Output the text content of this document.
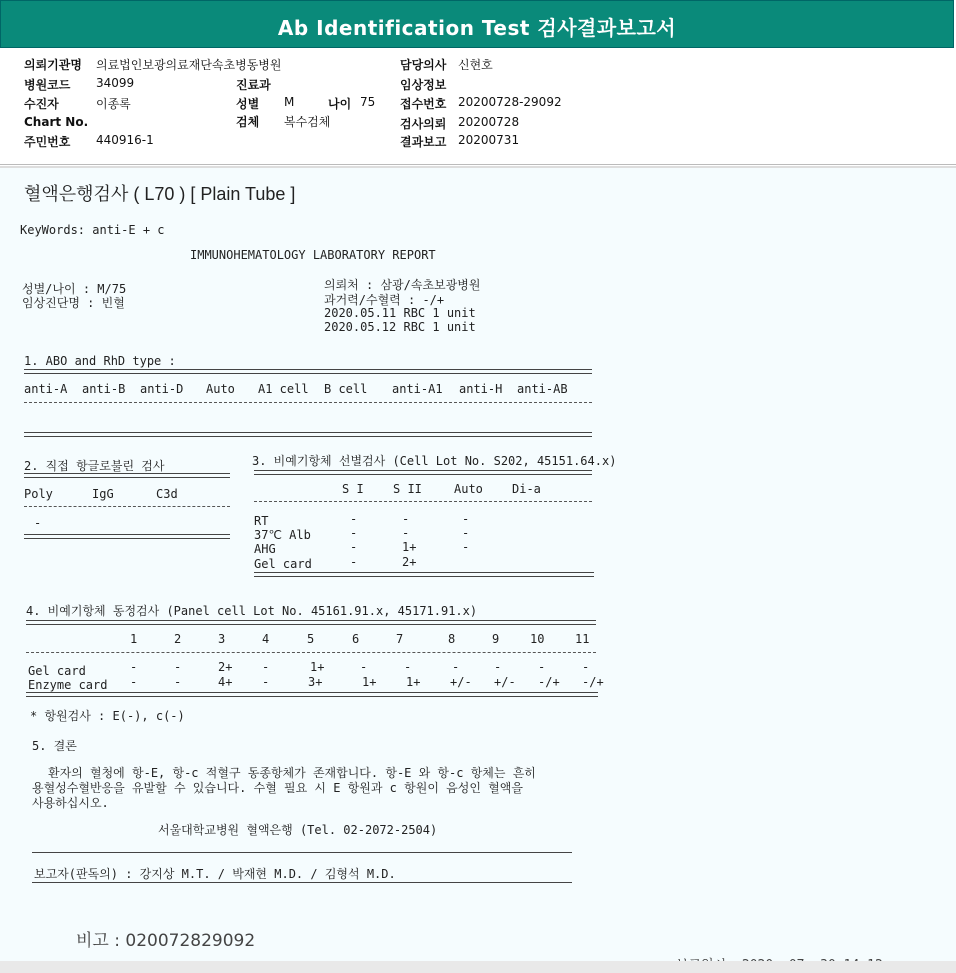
Ab Identification Test 검사결과보고서
의뢰기관명 의료법인보광의료재단속초병동병원
병원코드 34099
수진자	이종록
Chart No.
주민번호 440916-1
진료과
성별 M	나이 75
검체 복수검체
담당의사 신현호
임상정보
접수번호 20200728-29092
검사의뢰 20200728
결과보고 20200731
혈액은행검사 ( L70 ) [ Plain Tube ]
KeyWords: anti-E + c
IMMUNOHEMATOLOGY LABORATORY REPORT
성별/나이 : M/75
임상진단명 : 빈혈
의뢰처 : 삼광/속초보광병원
과거력/수혈력 : -/+
2020.05.11 RBC 1 unit
2020.05.12 RBC 1 unit
1. ABO and RhD type :
anti-A anti-B anti-D Auto A1 cell B cell anti-A1 anti-H anti-AB
2. 직접 항글로불린 검사
Poly	IgG	C3d
-
3. 비예기항체 선별검사 (Cell Lot No. S202, 45151.64.x)
S I S II	Auto Di-a
RT	-	-	-
37℃ Alb	-	-	-
AHG	-	1+	-
Gel card	-	2+
4. 비예기항체 동정검사 (Panel cell Lot No. 45161.91.x, 45171.91.x)
1	2	3	4	5	6	7	8	9	10	11
Gel card	-	-	2+ -	1+	-	-	-	-	-	-
Enzyme card -	-	4+ -	3+	1+ 1+ +/- +/- -/+ -/+
* 항원검사 : E(-), c(-)
5. 결론
환자의 혈청에 항-E, 항-c 적혈구 동종항체가 존재합니다. 항-E 와 항-c 항체는 흔히
용혈성수혈반응을 유발할 수 있습니다. 수혈 필요 시 E 항원과 c 항원이 음성인 혈액을
사용하십시오.
서울대학교병원 혈액은행 (Tel. 02-2072-2504)
보고자(판독의) : 강지상 M.T. / 박재현 M.D. / 김형석 M.D.
비고 : 020072829092
